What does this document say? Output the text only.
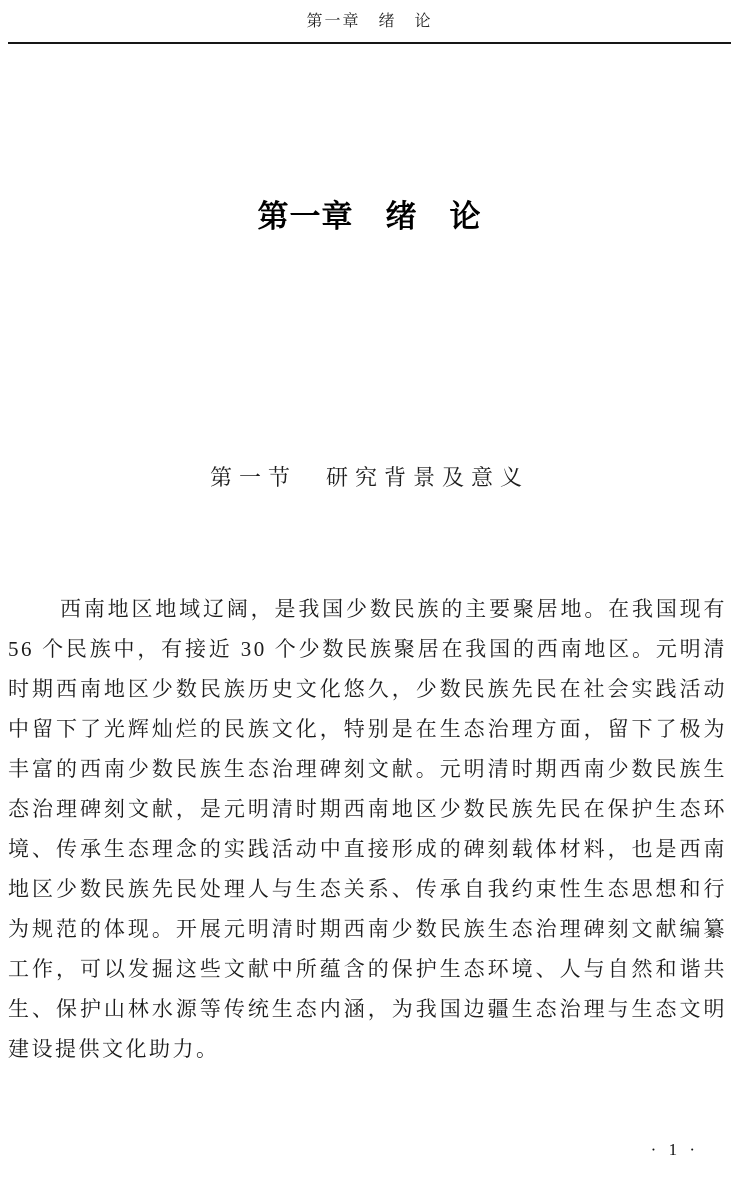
第一章　绪　论
第一章　绪　论
第一节　研究背景及意义

西南地区地域辽阔，是我国少数民族的主要聚居地。在我国现有 56 个民族中，有接近 30 个少数民族聚居在我国的西南地区。元明清时期西南地区少数民族历史文化悠久，少数民族先民在社会实践活动中留下了光辉灿烂的民族文化，特别是在生态治理方面，留下了极为丰富的西南少数民族生态治理碑刻文献。元明清时期西南少数民族生态治理碑刻文献，是元明清时期西南地区少数民族先民在保护生态环境、传承生态理念的实践活动中直接形成的碑刻载体材料，也是西南地区少数民族先民处理人与生态关系、传承自我约束性生态思想和行为规范的体现。开展元明清时期西南少数民族生态治理碑刻文献编纂工作，可以发掘这些文献中所蕴含的保护生态环境、人与自然和谐共生、保护山林水源等传统生态内涵，为我国边疆生态治理与生态文明建设提供文化助力。

· 1 ·
